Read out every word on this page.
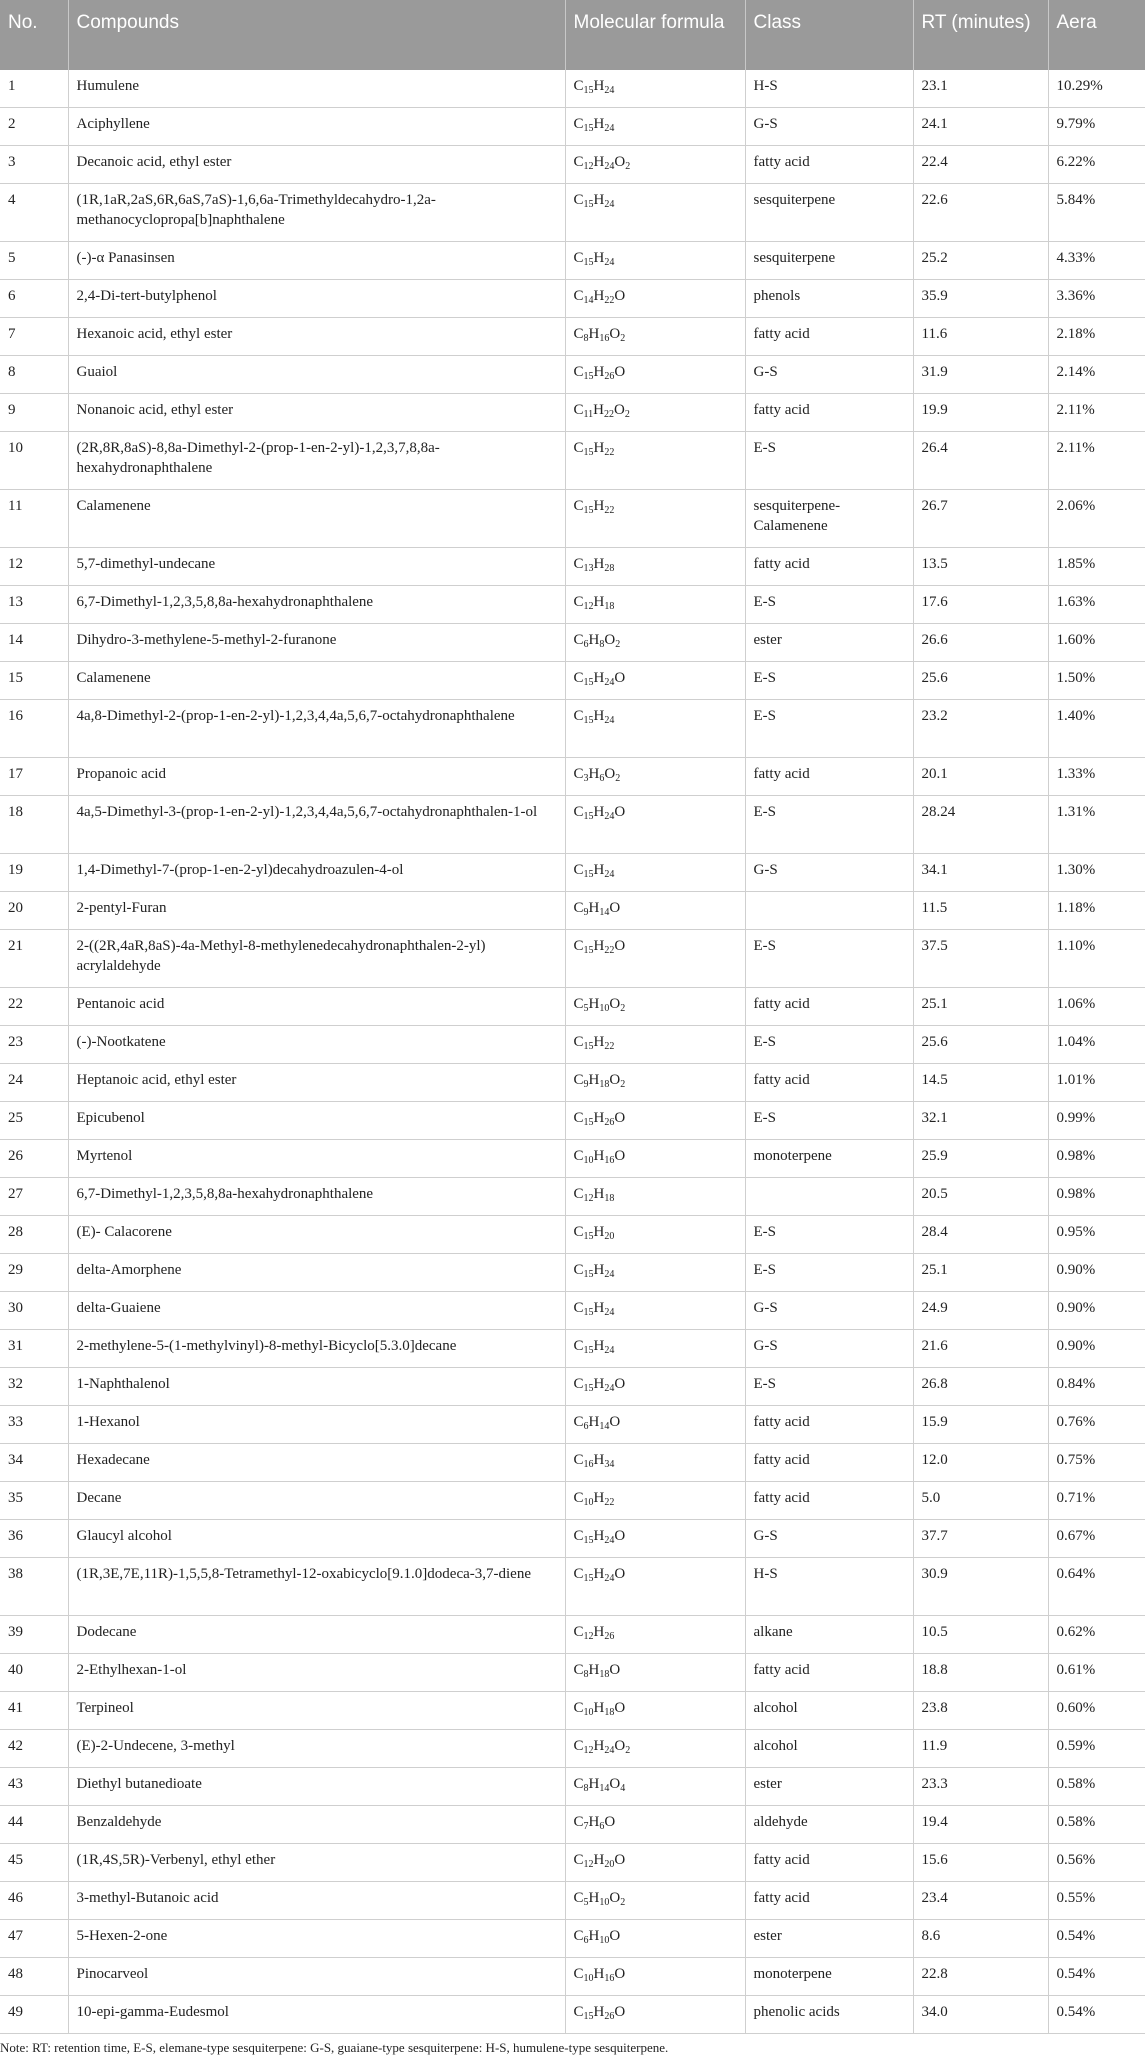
No.	Compounds	Molecular formula	Class	RT (minutes)	Aera
1	Humulene	$C_{15}H_{24}$	H-S	23.1	10.29%
2	Aciphyllene	$C_{15}H_{24}$	G-S	24.1	9.79%
3	Decanoic acid, ethyl ester	$C_{12}H_{24}O_2$	fatty acid	22.4	6.22%
4	(1R,1aR,2aS,6R,6aS,7aS)-1,6,6a-Trimethyldecahydro-1,2a-methanocyclopropa[b]naphthalene	$C_{15}H_{24}$	sesquiterpene	22.6	5.84%
5	(-)-α Panasinsen	$C_{15}H_{24}$	sesquiterpene	25.2	4.33%
6	2,4-Di-tert-butylphenol	$C_{14}H_{22}O$	phenols	35.9	3.36%
7	Hexanoic acid, ethyl ester	$C_8H_{16}O_2$	fatty acid	11.6	2.18%
8	Guaiol	$C_{15}H_{26}O$	G-S	31.9	2.14%
9	Nonanoic acid, ethyl ester	$C_{11}H_{22}O_2$	fatty acid	19.9	2.11%
10	(2R,8R,8aS)-8,8a-Dimethyl-2-(prop-1-en-2-yl)-1,2,3,7,8,8a-hexahydronaphthalene	$C_{15}H_{22}$	E-S	26.4	2.11%
11	Calamenene	$C_{15}H_{22}$	sesquiterpene-Calamenene	26.7	2.06%
12	5,7-dimethyl-undecane	$C_{13}H_{28}$	fatty acid	13.5	1.85%
13	6,7-Dimethyl-1,2,3,5,8,8a-hexahydronaphthalene	$C_{12}H_{18}$	E-S	17.6	1.63%
14	Dihydro-3-methylene-5-methyl-2-furanone	$C_6H_8O_2$	ester	26.6	1.60%
15	Calamenene	$C_{15}H_{24}O$	E-S	25.6	1.50%
16	4a,8-Dimethyl-2-(prop-1-en-2-yl)-1,2,3,4,4a,5,6,7-octahydronaphthalene	$C_{15}H_{24}$	E-S	23.2	1.40%
17	Propanoic acid	$C_3H_6O_2$	fatty acid	20.1	1.33%
18	4a,5-Dimethyl-3-(prop-1-en-2-yl)-1,2,3,4,4a,5,6,7-octahydronaphthalen-1-ol	$C_{15}H_{24}O$	E-S	28.24	1.31%
19	1,4-Dimethyl-7-(prop-1-en-2-yl)decahydroazulen-4-ol	$C_{15}H_{24}$	G-S	34.1	1.30%
20	2-pentyl-Furan	$C_9H_{14}O$		11.5	1.18%
21	2-((2R,4aR,8aS)-4a-Methyl-8-methylenedecahydronaphthalen-2-yl) acrylaldehyde	$C_{15}H_{22}O$	E-S	37.5	1.10%
22	Pentanoic acid	$C_5H_{10}O_2$	fatty acid	25.1	1.06%
23	(-)-Nootkatene	$C_{15}H_{22}$	E-S	25.6	1.04%
24	Heptanoic acid, ethyl ester	$C_9H_{18}O_2$	fatty acid	14.5	1.01%
25	Epicubenol	$C_{15}H_{26}O$	E-S	32.1	0.99%
26	Myrtenol	$C_{10}H_{16}O$	monoterpene	25.9	0.98%
27	6,7-Dimethyl-1,2,3,5,8,8a-hexahydronaphthalene	$C_{12}H_{18}$		20.5	0.98%
28	(E)- Calacorene	$C_{15}H_{20}$	E-S	28.4	0.95%
29	delta-Amorphene	$C_{15}H_{24}$	E-S	25.1	0.90%
30	delta-Guaiene	$C_{15}H_{24}$	G-S	24.9	0.90%
31	2-methylene-5-(1-methylvinyl)-8-methyl-Bicyclo[5.3.0]decane	$C_{15}H_{24}$	G-S	21.6	0.90%
32	1-Naphthalenol	$C_{15}H_{24}O$	E-S	26.8	0.84%
33	1-Hexanol	$C_6H_{14}O$	fatty acid	15.9	0.76%
34	Hexadecane	$C_{16}H_{34}$	fatty acid	12.0	0.75%
35	Decane	$C_{10}H_{22}$	fatty acid	5.0	0.71%
36	Glaucyl alcohol	$C_{15}H_{24}O$	G-S	37.7	0.67%
38	(1R,3E,7E,11R)-1,5,5,8-Tetramethyl-12-oxabicyclo[9.1.0]dodeca-3,7-diene	$C_{15}H_{24}O$	H-S	30.9	0.64%
39	Dodecane	$C_{12}H_{26}$	alkane	10.5	0.62%
40	2-Ethylhexan-1-ol	$C_8H_{18}O$	fatty acid	18.8	0.61%
41	Terpineol	$C_{10}H_{18}O$	alcohol	23.8	0.60%
42	(E)-2-Undecene, 3-methyl	$C_{12}H_{24}O_2$	alcohol	11.9	0.59%
43	Diethyl butanedioate	$C_8H_{14}O_4$	ester	23.3	0.58%
44	Benzaldehyde	$C_7H_6O$	aldehyde	19.4	0.58%
45	(1R,4S,5R)-Verbenyl, ethyl ether	$C_{12}H_{20}O$	fatty acid	15.6	0.56%
46	3-methyl-Butanoic acid	$C_5H_{10}O_2$	fatty acid	23.4	0.55%
47	5-Hexen-2-one	$C_6H_{10}O$	ester	8.6	0.54%
48	Pinocarveol	$C_{10}H_{16}O$	monoterpene	22.8	0.54%
49	10-epi-gamma-Eudesmol	$C_{15}H_{26}O$	phenolic acids	34.0	0.54%
Note: RT: retention time, E-S, elemane-type sesquiterpene: G-S, guaiane-type sesquiterpene: H-S, humulene-type sesquiterpene.
